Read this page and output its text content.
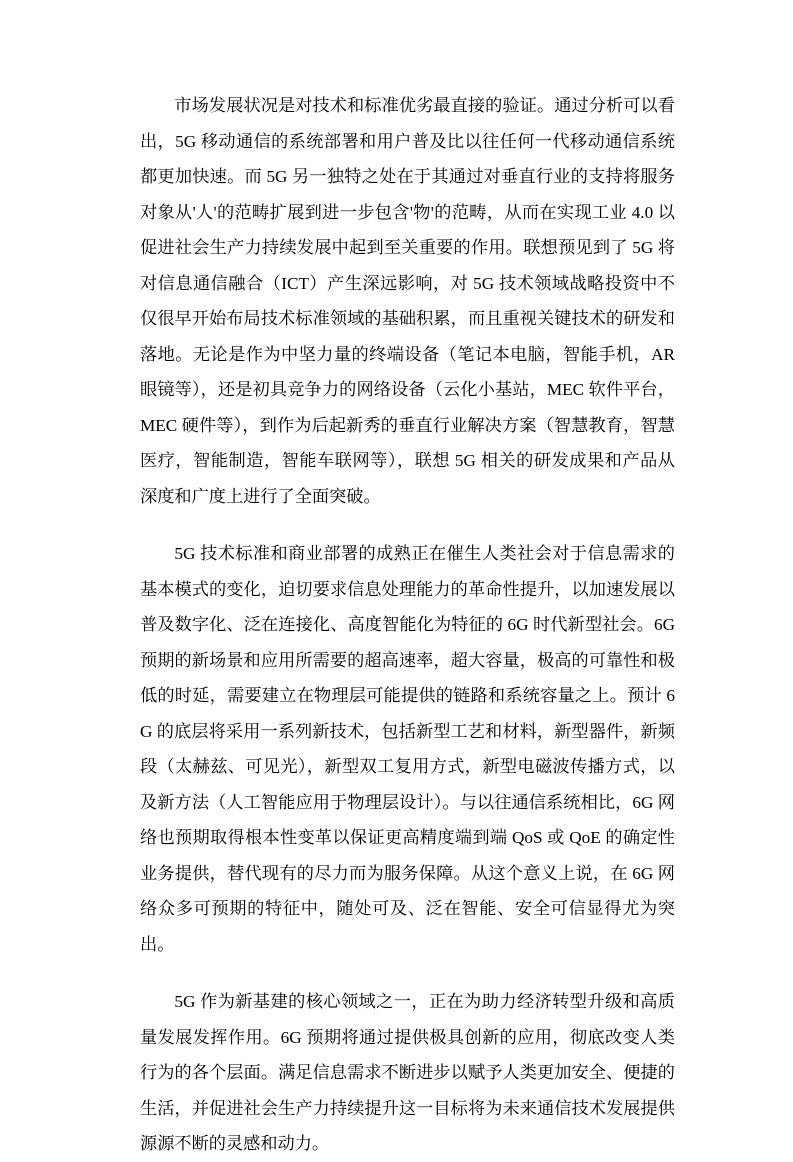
市场发展状况是对技术和标准优劣最直接的验证。通过分析可以看出，5G 移动通信的系统部署和用户普及比以往任何一代移动通信系统都更加快速。而 5G 另一独特之处在于其通过对垂直行业的支持将服务对象从'人'的范畴扩展到进一步包含'物'的范畴，从而在实现工业 4.0 以促进社会生产力持续发展中起到至关重要的作用。联想预见到了 5G 将对信息通信融合（ICT）产生深远影响，对 5G 技术领域战略投资中不仅很早开始布局技术标准领域的基础积累，而且重视关键技术的研发和落地。无论是作为中坚力量的终端设备（笔记本电脑，智能手机，AR 眼镜等），还是初具竞争力的网络设备（云化小基站，MEC 软件平台，MEC 硬件等），到作为后起新秀的垂直行业解决方案（智慧教育，智慧医疗，智能制造，智能车联网等），联想 5G 相关的研发成果和产品从深度和广度上进行了全面突破。

5G 技术标准和商业部署的成熟正在催生人类社会对于信息需求的基本模式的变化，迫切要求信息处理能力的革命性提升，以加速发展以普及数字化、泛在连接化、高度智能化为特征的 6G 时代新型社会。6G 预期的新场景和应用所需要的超高速率，超大容量，极高的可靠性和极低的时延，需要建立在物理层可能提供的链路和系统容量之上。预计 6G 的底层将采用一系列新技术，包括新型工艺和材料，新型器件，新频段（太赫兹、可见光），新型双工复用方式，新型电磁波传播方式，以及新方法（人工智能应用于物理层设计）。与以往通信系统相比，6G 网络也预期取得根本性变革以保证更高精度端到端 QoS 或 QoE 的确定性业务提供，替代现有的尽力而为服务保障。从这个意义上说，在 6G 网络众多可预期的特征中，随处可及、泛在智能、安全可信显得尤为突出。

5G 作为新基建的核心领域之一，正在为助力经济转型升级和高质量发展发挥作用。6G 预期将通过提供极具创新的应用，彻底改变人类行为的各个层面。满足信息需求不断进步以赋予人类更加安全、便捷的生活，并促进社会生产力持续提升这一目标将为未来通信技术发展提供源源不断的灵感和动力。
